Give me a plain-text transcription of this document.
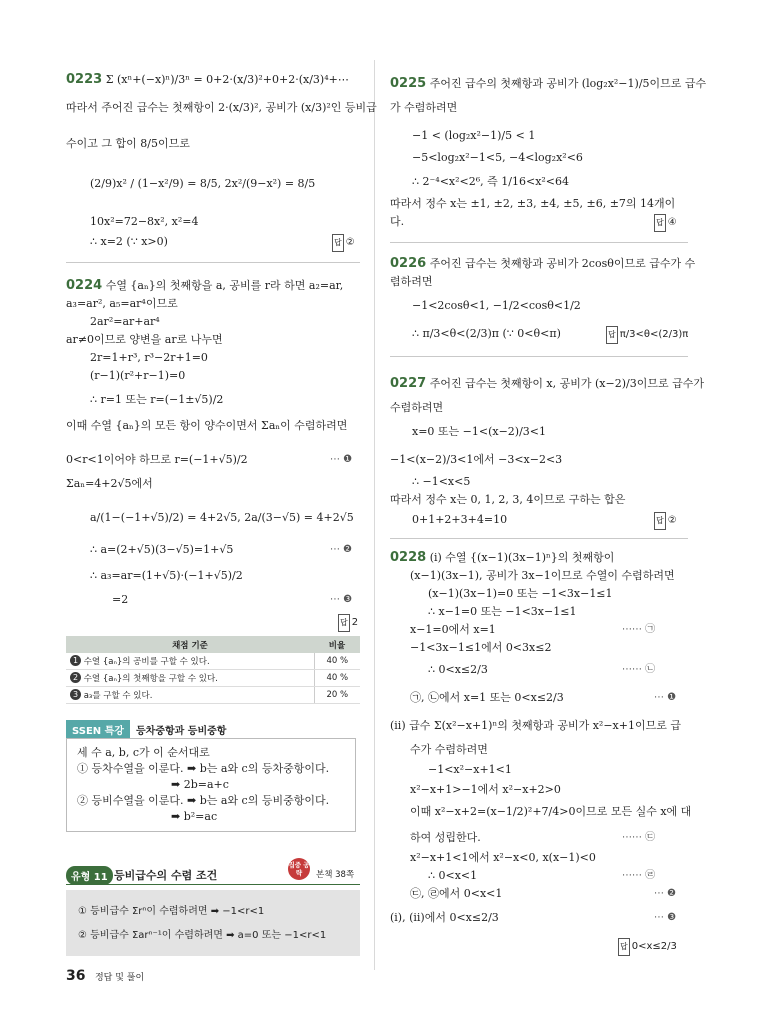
0223 Σ (xⁿ+(−x)ⁿ)/3ⁿ = 0+2·(x/3)²+0+2·(x/3)⁴+⋯
따라서 주어진 급수는 첫째항이 2·(x/3)², 공비가 (x/3)²인 등비급
수이고 그 합이 8/5이므로
(2/9)x² / (1−x²/9) = 8/5, 2x²/(9−x²) = 8/5
10x²=72−8x², x²=4
∴ x=2 (∵ x>0)	답 ②
0224 수열 {aₙ}의 첫째항을 a, 공비를 r라 하면 a₂=ar,
a₃=ar², a₅=ar⁴이므로
2ar²=ar+ar⁴
ar≠0이므로 양변을 ar로 나누면
2r=1+r³, r³−2r+1=0
(r−1)(r²+r−1)=0
∴ r=1 또는 r=(−1±√5)/2
이때 수열 {aₙ}의 모든 항이 양수이면서 Σaₙ이 수렴하려면
0<r<1이어야 하므로 r=(−1+√5)/2	⋯ ❶
Σaₙ=4+2√5에서
a/(1−(−1+√5)/2) = 4+2√5, 2a/(3−√5) = 4+2√5
∴ a=(2+√5)(3−√5)=1+√5	⋯ ❷
∴ a₃=ar=(1+√5)·(−1+√5)/2
=2	⋯ ❸
답 2
채점 기준	비율
1 수열 {aₙ}의 공비를 구할 수 있다.	40 %
2 수열 {aₙ}의 첫째항을 구할 수 있다.	40 %
3 a₃를 구할 수 있다.	20 %
SSEN 특강	등차중항과 등비중항
세 수 a, b, c가 이 순서대로
① 등차수열을 이룬다. ➡ b는 a와 c의 등차중항이다.
➡ 2b=a+c
② 등비수열을 이룬다. ➡ b는 a와 c의 등비중항이다.
➡ b²=ac
유형 11 등비급수의 수렴 조건
집중 공략	본책 38쪽
① 등비급수 Σrⁿ이 수렴하려면 ➡ −1<r<1
② 등비급수 Σarⁿ⁻¹이 수렴하려면 ➡ a=0 또는 −1<r<1
0225 주어진 급수의 첫째항과 공비가 (log₂x²−1)/5이므로 급수
가 수렴하려면
−1 < (log₂x²−1)/5 < 1
−5<log₂x²−1<5, −4<log₂x²<6
∴ 2⁻⁴<x²<2⁶, 즉 1/16<x²<64
따라서 정수 x는 ±1, ±2, ±3, ±4, ±5, ±6, ±7의 14개이
다.	답 ④
0226 주어진 급수는 첫째항과 공비가 2cosθ이므로 급수가 수
렴하려면
−1<2cosθ<1, −1/2<cosθ<1/2
∴ π/3<θ<(2/3)π (∵ 0<θ<π)	답 π/3<θ<(2/3)π
0227 주어진 급수는 첫째항이 x, 공비가 (x−2)/3이므로 급수가
수렴하려면
x=0 또는 −1<(x−2)/3<1
−1<(x−2)/3<1에서 −3<x−2<3
∴ −1<x<5
따라서 정수 x는 0, 1, 2, 3, 4이므로 구하는 합은
0+1+2+3+4=10	답 ②
0228 (i) 수열 {(x−1)(3x−1)ⁿ}의 첫째항이
(x−1)(3x−1), 공비가 3x−1이므로 수열이 수렴하려면
(x−1)(3x−1)=0 또는 −1<3x−1≤1
∴ x−1=0 또는 −1<3x−1≤1
x−1=0에서 x=1	⋯⋯ ㉠
−1<3x−1≤1에서 0<3x≤2
∴ 0<x≤2/3	⋯⋯ ㉡
㉠, ㉡에서 x=1 또는 0<x≤2/3	⋯ ❶
(ii) 급수 Σ(x²−x+1)ⁿ의 첫째항과 공비가 x²−x+1이므로 급
수가 수렴하려면
−1<x²−x+1<1
x²−x+1>−1에서 x²−x+2>0
이때 x²−x+2=(x−1/2)²+7/4>0이므로 모든 실수 x에 대
하여 성립한다.	⋯⋯ ㉢
x²−x+1<1에서 x²−x<0, x(x−1)<0
∴ 0<x<1	⋯⋯ ㉣
㉢, ㉣에서 0<x<1	⋯ ❷
(i), (ii)에서 0<x≤2/3	⋯ ❸
답 0<x≤2/3
36 정답 및 풀이
